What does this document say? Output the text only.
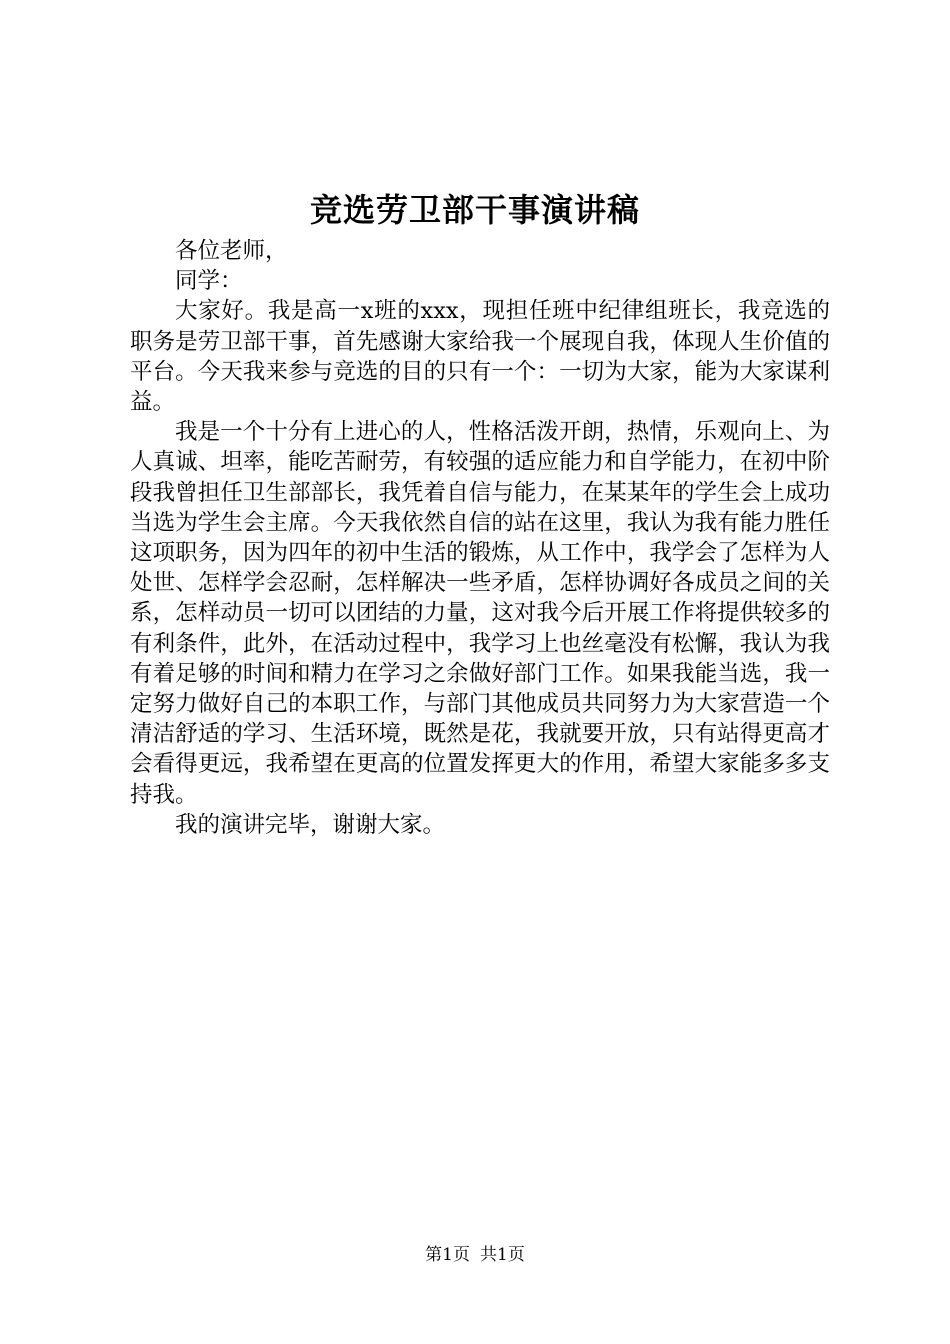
竞选劳卫部干事演讲稿

各位老师，

同学：

大家好。我是高一x班的xxx，现担任班中纪律组班长，我竞选的职务是劳卫部干事，首先感谢大家给我一个展现自我，体现人生价值的平台。今天我来参与竞选的目的只有一个：一切为大家，能为大家谋利益。

我是一个十分有上进心的人，性格活泼开朗，热情，乐观向上、为人真诚、坦率，能吃苦耐劳，有较强的适应能力和自学能力，在初中阶段我曾担任卫生部部长，我凭着自信与能力，在某某年的学生会上成功当选为学生会主席。今天我依然自信的站在这里，我认为我有能力胜任这项职务，因为四年的初中生活的锻炼，从工作中，我学会了怎样为人处世、怎样学会忍耐，怎样解决一些矛盾，怎样协调好各成员之间的关系，怎样动员一切可以团结的力量，这对我今后开展工作将提供较多的有利条件，此外，在活动过程中，我学习上也丝毫没有松懈，我认为我有着足够的时间和精力在学习之余做好部门工作。如果我能当选，我一定努力做好自己的本职工作，与部门其他成员共同努力为大家营造一个清洁舒适的学习、生活环境，既然是花，我就要开放，只有站得更高才会看得更远，我希望在更高的位置发挥更大的作用，希望大家能多多支持我。

我的演讲完毕，谢谢大家。

第1页 共1页
